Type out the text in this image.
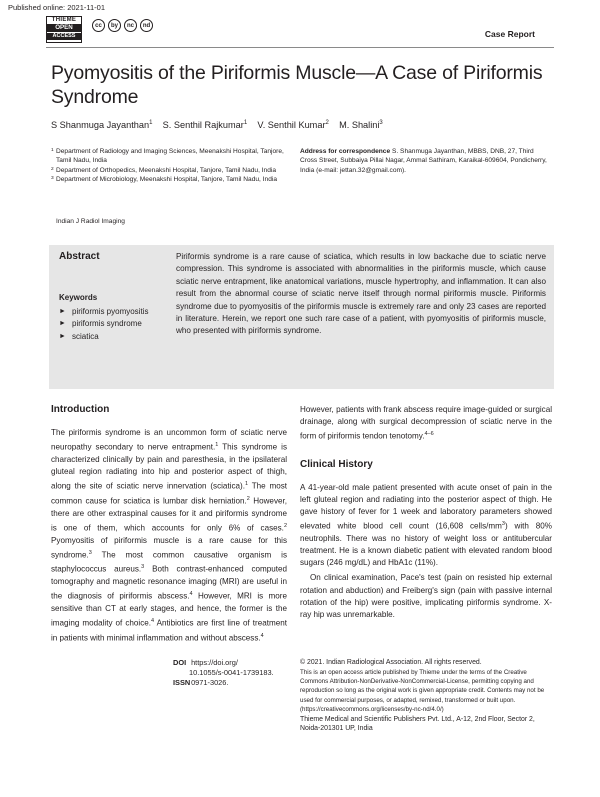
Published online: 2021-11-01
THIEME
OPEN
ACCESS
cc	by	nc	nd
Case Report
Pyomyositis of the Piriformis Muscle—A Case of Piriformis Syndrome
S Shanmuga Jayanthan$^1$ S. Senthil Rajkumar$^1$ V. Senthil Kumar$^2$ M. Shalini$^3$
1 Department of Radiology and Imaging Sciences, Meenakshi Hospital, Tanjore, Tamil Nadu, India
2 Department of Orthopedics, Meenakshi Hospital, Tanjore, Tamil Nadu, India
3 Department of Microbiology, Meenakshi Hospital, Tanjore, Tamil Nadu, India
Indian J Radiol Imaging
Address for correspondence S. Shanmuga Jayanthan, MBBS, DNB, 27, Third Cross Street, Subbaiya Pillai Nagar, Ammal Sathiram, Karaikal-609604, Pondicherry, India (e-mail: jettan.32@gmail.com).
Abstract	Piriformis syndrome is a rare cause of sciatica, which results in low backache due to sciatic nerve compression. This syndrome is associated with abnormalities in the piriformis muscle, which cause sciatic nerve entrapment, like anatomical variations, muscle hypertrophy, and inflammation. It can also result from the abnormal course of sciatic nerve itself through normal piriformis muscle. Piriformis syndrome due to pyomyositis of the piriformis muscle is extremely rare and only 23 cases are reported in literature. Herein, we report one such rare case of a patient, with pyomyositis of piriformis muscle, who presented with piriformis syndrome.
Keywords
► piriformis pyomyositis
► piriformis syndrome
► sciatica
Introduction

The piriformis syndrome is an uncommon form of sciatic nerve neuropathy secondary to nerve entrapment.$^1$ This syndrome is characterized clinically by pain and paresthesia, in the ipsilateral gluteal region radiating into hip and posterior aspect of thigh, along the site of sciatic nerve innervation (sciatica).$^1$ The most common cause for sciatica is lumbar disk herniation.$^2$ However, there are other extraspinal causes for it and piriformis syndrome is one of them, which accounts for only 6% of cases.$^2$ Pyomyositis of piriformis muscle is a rare cause for this syndrome.$^3$ The most common causative organism is staphylococcus aureus.$^3$ Both contrast-enhanced computed tomography and magnetic resonance imaging (MRI) are useful in the diagnosis of piriformis abscess.$^4$ However, MRI is more sensitive than CT at early stages, and hence, the former is the imaging modality of choice.$^4$ Antibiotics are first line of treatment in patients with minimal inflammation and without abscess.$^4$

However, patients with frank abscess require image-guided or surgical drainage, along with surgical decompression of sciatic nerve in the form of piriformis tendon tenotomy.$^{4-6}$

Clinical History

A 41-year-old male patient presented with acute onset of pain in the left gluteal region and radiating into the posterior aspect of thigh. He gave history of fever for 1 week and laboratory parameters showed elevated white blood cell count (16,608 cells/$mm^3$) with 80% neutrophils. There was no history of weight loss or antitubercular treatment. He is a known diabetic patient with elevated random blood sugars (246 mg/dL) and HbA1c (11%).

On clinical examination, Pace's test (pain on resisted hip external rotation and abduction) and Freiberg's sign (pain with passive internal rotation of the hip) were positive, implicating piriformis syndrome. X-ray hip was unremarkable.

DOI https://doi.org/
10.1055/s-0041-1739183.
ISSN 0971-3026.
© 2021. Indian Radiological Association. All rights reserved.
This is an open access article published by Thieme under the terms of the Creative Commons Attribution-NonDerivative-NonCommercial-License, permitting copying and reproduction so long as the original work is given appropriate credit. Contents may not be used for commercial purposes, or adapted, remixed, transformed or built upon. (https://creativecommons.org/licenses/by-nc-nd/4.0/)
Thieme Medical and Scientific Publishers Pvt. Ltd., A-12, 2nd Floor, Sector 2, Noida-201301 UP, India
